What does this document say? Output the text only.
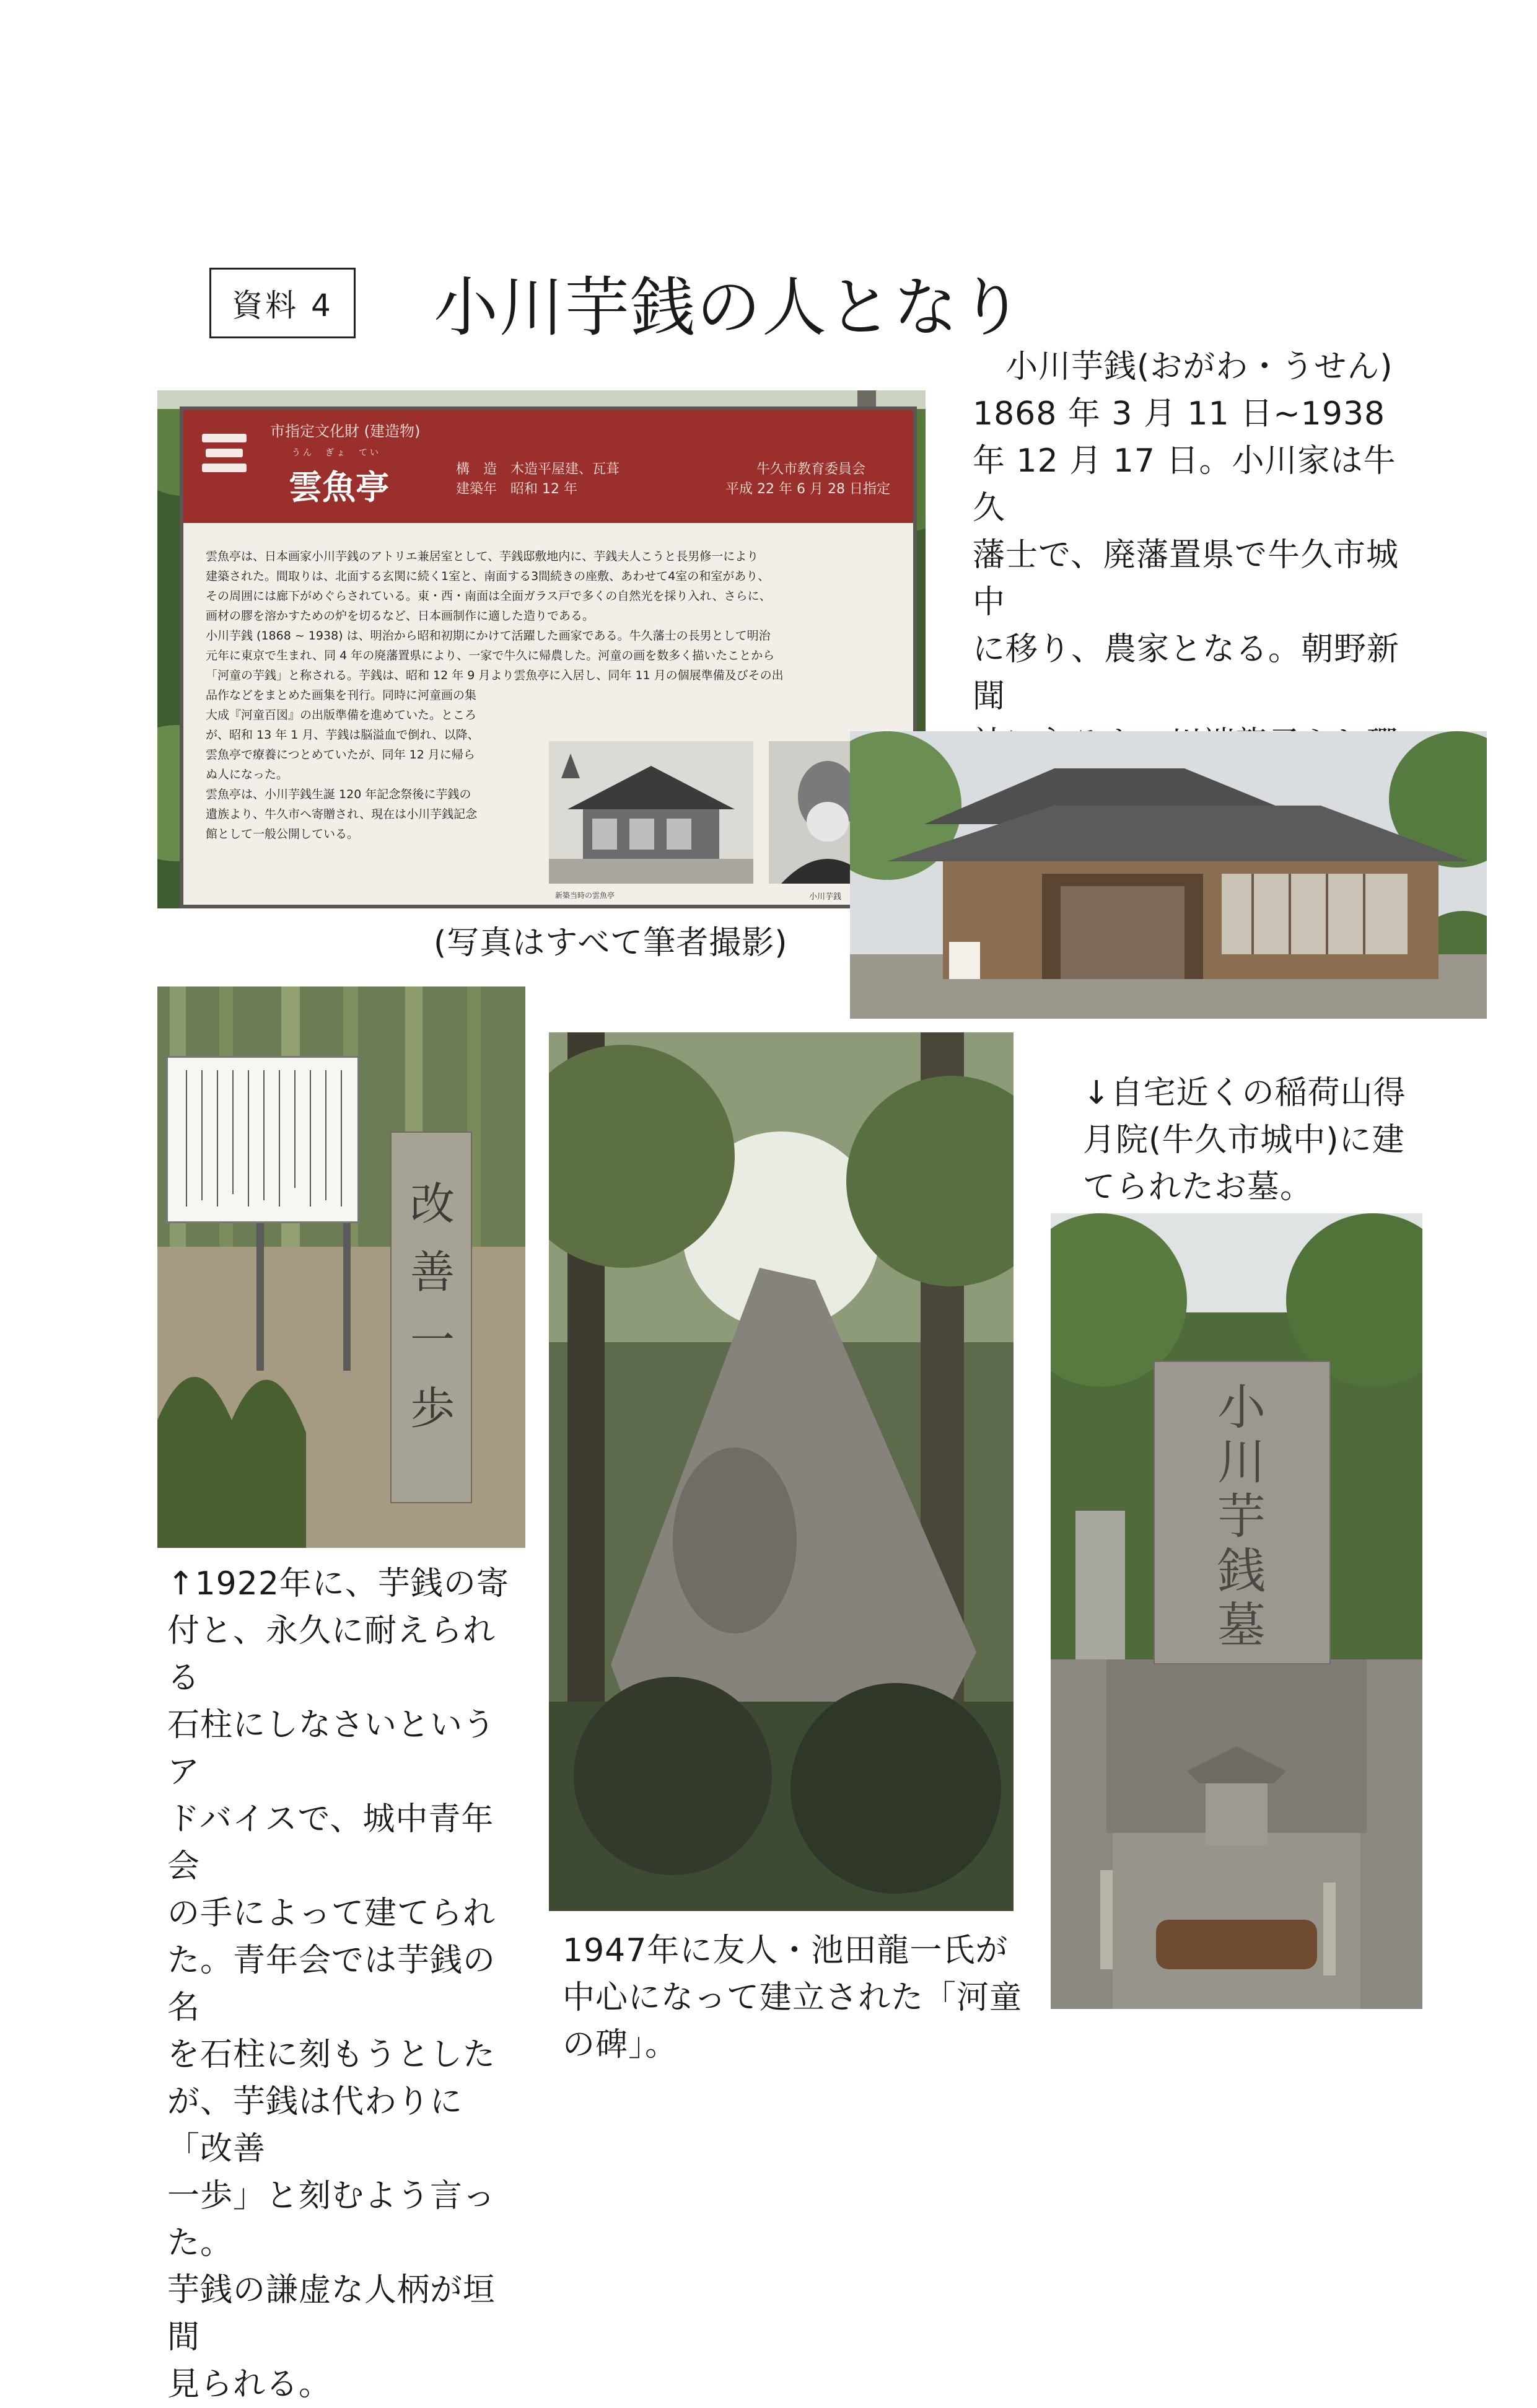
資料 4	小川芋銭の人となり
　小川芋銭(おがわ・うせん)
1868 年 3 月 11 日~1938
年 12 月 17 日。小川家は牛久
藩士で、廃藩置県で牛久市城中
に移り、農家となる。朝野新聞
市指定文化財 (建造物)
うん　ぎょ　てい
雲魚亭	構　造　木造平屋建、瓦葺
建築年　昭和 12 年
牛久市教育委員会
平成 22 年 6 月 28 日指定
雲魚亭は、日本画家小川芋銭のアトリエ兼居室として、芋銭邸敷地内に、芋銭夫人こうと長男修一により
建築された。間取りは、北面する玄関に続く1室と、南面する3間続きの座敷、あわせて4室の和室があり、
その周囲には廊下がめぐらされている。東・西・南面は全面ガラス戸で多くの自然光を採り入れ、さらに、
画材の膠を溶かすための炉を切るなど、日本画制作に適した造りである。
小川芋銭 (1868 ~ 1938) は、明治から昭和初期にかけて活躍した画家である。牛久藩士の長男として明治
元年に東京で生まれ、同 4 年の廃藩置県により、一家で牛久に帰農した。河童の画を数多く描いたことから
「河童の芋銭」と称される。芋銭は、昭和 12 年 9 月より雲魚亭に入居し、同年 11 月の個展準備及びその出
品作などをまとめた画集を刊行。同時に河童画の集
大成『河童百図』の出版準備を進めていた。ところ
が、昭和 13 年 1 月、芋銭は脳溢血で倒れ、以降、
雲魚亭で療養につとめていたが、同年 12 月に帰ら
ぬ人になった。
雲魚亭は、小川芋銭生誕 120 年記念祭後に芋銭の
遺族より、牛久市へ寄贈され、現在は小川芋銭記念
館として一般公開している。
新築当時の雲魚亭	小川芋銭
(写真はすべて筆者撮影)
改善一歩
↓自宅近くの稲荷山得
月院(牛久市城中)に建
てられたお墓。
小川芋銭墓
↑1922年に、芋銭の寄
付と、永久に耐えられる
石柱にしなさいというア
ドバイスで、城中青年会
の手によって建てられ
た。青年会では芋銭の名
を石柱に刻もうとした
が、芋銭は代わりに「改善
一歩」と刻むよう言った。
芋銭の謙虚な人柄が垣間
見られる。
1947年に友人・池田龍一氏が
中心になって建立された「河童
の碑」。
